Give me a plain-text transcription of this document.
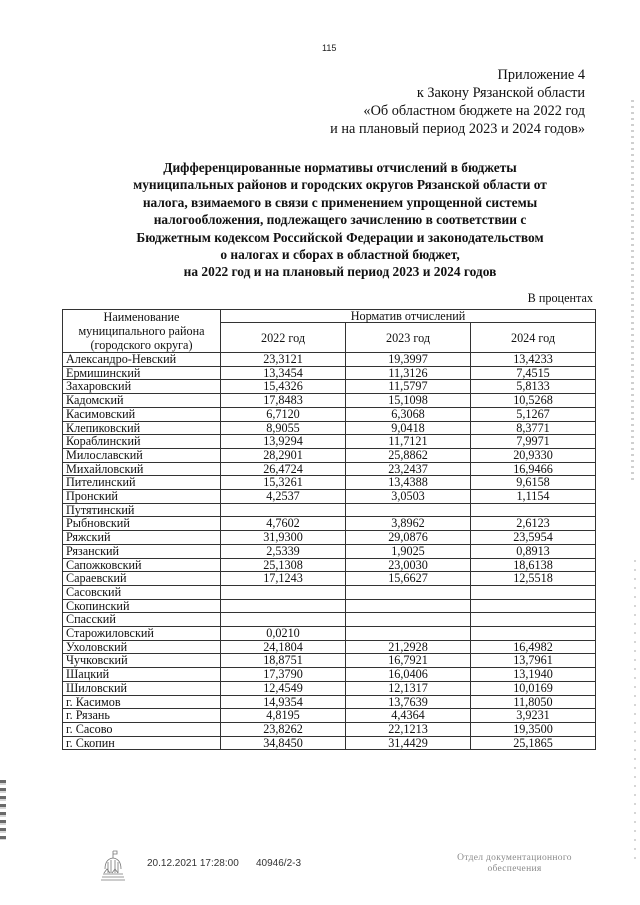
115
Приложение 4
к Закону Рязанской области
«Об областном бюджете на 2022 год
и на плановый период 2023 и 2024 годов»
Дифференцированные нормативы отчислений в бюджеты
муниципальных районов и городских округов Рязанской области от
налога, взимаемого в связи с применением упрощенной системы
налогообложения, подлежащего зачислению в соответствии с
Бюджетным кодексом Российской Федерации и законодательством
о налогах и сборах в областной бюджет,
на 2022 год и на плановый период 2023 и 2024 годов
В процентах
Наименование муниципального района (городского округа)	Норматив отчислений		
	2022 год	2023 год	2024 год
Александро-Невский	23,3121	19,3997	13,4233
Ермишинский	13,3454	11,3126	7,4515
Захаровский	15,4326	11,5797	5,8133
Кадомский	17,8483	15,1098	10,5268
Касимовский	6,7120	6,3068	5,1267
Клепиковский	8,9055	9,0418	8,3771
Кораблинский	13,9294	11,7121	7,9971
Милославский	28,2901	25,8862	20,9330
Михайловский	26,4724	23,2437	16,9466
Пителинский	15,3261	13,4388	9,6158
Пронский	4,2537	3,0503	1,1154
Путятинский			
Рыбновский	4,7602	3,8962	2,6123
Ряжский	31,9300	29,0876	23,5954
Рязанский	2,5339	1,9025	0,8913
Сапожковский	25,1308	23,0030	18,6138
Сараевский	17,1243	15,6627	12,5518
Сасовский			
Скопинский			
Спасский			
Старожиловский	0,0210		
Ухоловский	24,1804	21,2928	16,4982
Чучковский	18,8751	16,7921	13,7961
Шацкий	17,3790	16,0406	13,1940
Шиловский	12,4549	12,1317	10,0169
г. Касимов	14,9354	13,7639	11,8050
г. Рязань	4,8195	4,4364	3,9231
г. Сасово	23,8262	22,1213	19,3500
г. Скопин	34,8450	31,4429	25,1865
20.12.2021 17:28:00 40946/2-3	Отдел документационного
обеспечения
